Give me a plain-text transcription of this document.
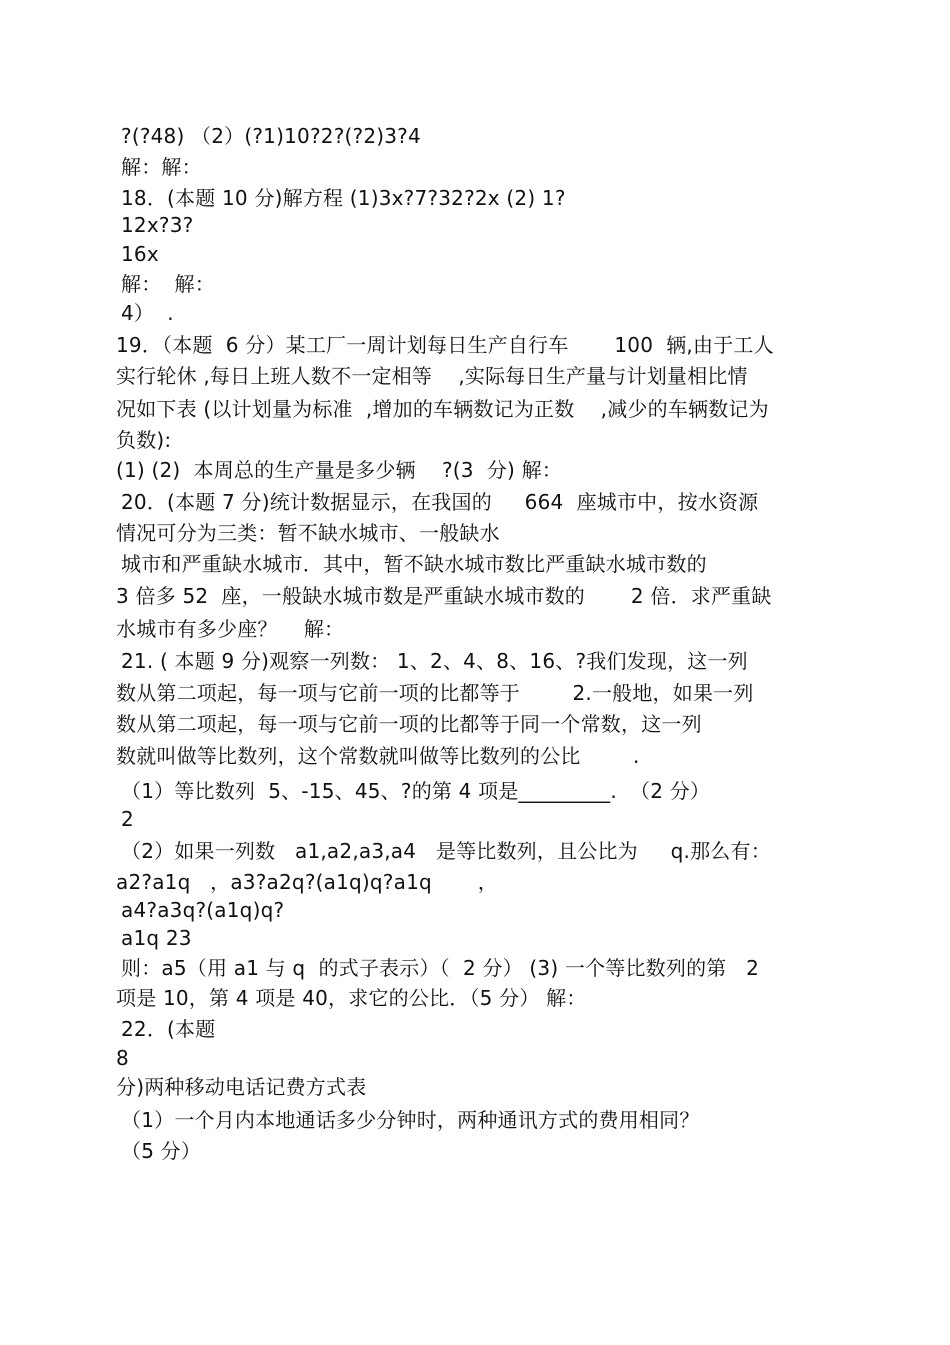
?(?48) （2）(?1)10?2?(?2)3?4
解：解：
18．(本题 10 分)解方程 (1)3x?7?32?2x (2) 1?
12x?3?
16x
解：  解：
4）  .
19．（本题  6 分）某工厂一周计划每日生产自行车       100  辆,由于工人
实行轮休 ,每日上班人数不一定相等    ,实际每日生产量与计划量相比情
况如下表 (以计划量为标准  ,增加的车辆数记为正数    ,减少的车辆数记为
负数):
(1) (2)  本周总的生产量是多少辆    ?(3  分) 解：
20．(本题 7 分)统计数据显示，在我国的     664  座城市中，按水资源
情况可分为三类：暂不缺水城市、一般缺水
城市和严重缺水城市．其中，暂不缺水城市数比严重缺水城市数的
3 倍多 52  座，一般缺水城市数是严重缺水城市数的       2 倍．求严重缺
水城市有多少座？    解：
21. ( 本题 9 分)观察一列数： 1、2、4、8、16、?我们发现，这一列
数从第二项起，每一项与它前一项的比都等于        2.一般地，如果一列
数从第二项起，每一项与它前一项的比都等于同一个常数，这一列
数就叫做等比数列，这个常数就叫做等比数列的公比        .
（1）等比数列  5、-15、45、?的第 4 项是_________.  （2 分）
2
（2）如果一列数   a1,a2,a3,a4   是等比数列，且公比为     q.那么有：
a2?a1q   ，a3?a2q?(a1q)q?a1q       ，
a4?a3q?(a1q)q?
a1q 23
则：a5（用 a1 与 q  的式子表示）（  2 分） (3) 一个等比数列的第   2
项是 10，第 4 项是 40，求它的公比．（5 分） 解：
22．(本题
8
分)两种移动电话记费方式表
（1）一个月内本地通话多少分钟时，两种通讯方式的费用相同？
（5 分）
